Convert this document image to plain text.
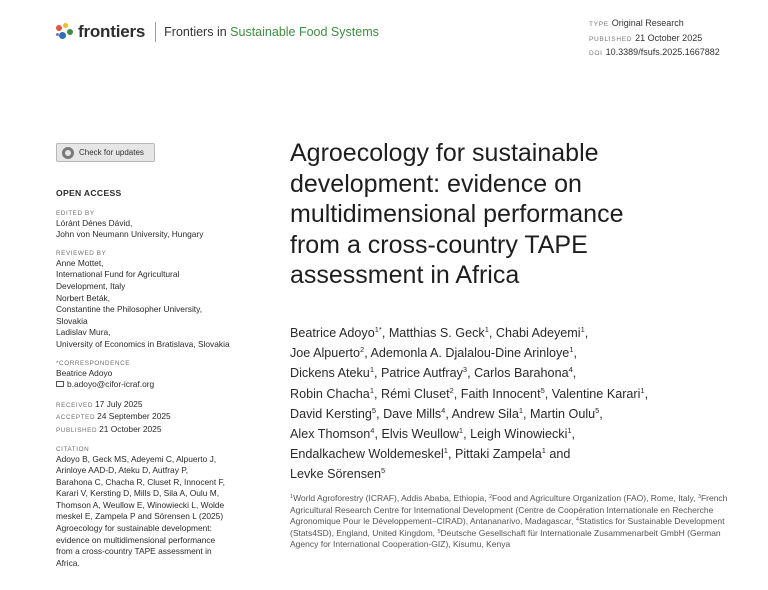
frontiers Frontiers in Sustainable Food Systems
TYPE Original Research
PUBLISHED 21 October 2025
DOI 10.3389/fsufs.2025.1667882
Check for updates
OPEN ACCESS
EDITED BY
Lóránt Dénes Dávid,
John von Neumann University, Hungary
REVIEWED BY
Anne Mottet,
International Fund for Agricultural
Development, Italy
Norbert Beták,
Constantine the Philosopher University,
Slovakia
Ladislav Mura,
University of Economics in Bratislava, Slovakia
*CORRESPONDENCE
Beatrice Adoyo
b.adoyo@cifor-icraf.org
RECEIVED 17 July 2025
ACCEPTED 24 September 2025
PUBLISHED 21 October 2025
CITATION
Adoyo B, Geck MS, Adeyemi C, Alpuerto J,
Arinloye AAD-D, Ateku D, Autfray P,
Barahona C, Chacha R, Cluset R, Innocent F,
Karari V, Kersting D, Mills D, Sila A, Oulu M,
Thomson A, Weullow E, Winowiecki L, Wolde
meskel E, Zampela P and Sörensen L (2025)
Agroecology for sustainable development:
evidence on multidimensional performance
from a cross-country TAPE assessment in
Africa.
Agroecology for sustainable
development: evidence on
multidimensional performance
from a cross-country TAPE
assessment in Africa
Beatrice Adoyo$^{1*}$, Matthias S. Geck$^1$, Chabi Adeyemi$^1$,
Joe Alpuerto$^2$, Ademonla A. Djalalou-Dine Arinloye$^1$,
Dickens Ateku$^1$, Patrice Autfray$^3$, Carlos Barahona$^4$,
Robin Chacha$^1$, Rémi Cluset$^2$, Faith Innocent$^5$, Valentine Karari$^1$,
David Kersting$^5$, Dave Mills$^4$, Andrew Sila$^1$, Martin Oulu$^5$,
Alex Thomson$^4$, Elvis Weullow$^1$, Leigh Winowiecki$^1$,
Endalkachew Woldemeskel$^1$, Pittaki Zampela$^1$ and
Levke Sörensen$^5$
$^1$World Agroforestry (ICRAF), Addis Ababa, Ethiopia, $^2$Food and Agriculture Organization (FAO), Rome, Italy, $^3$French Agricultural Research Centre for International Development (Centre de Coopération Internationale en Recherche Agronomique Pour le Développement–CIRAD), Antananarivo, Madagascar, $^4$Statistics for Sustainable Development (Stats4SD), England, United Kingdom, $^5$Deutsche Gesellschaft für Internationale Zusammenarbeit GmbH (German Agency for International Cooperation-GIZ), Kisumu, Kenya
